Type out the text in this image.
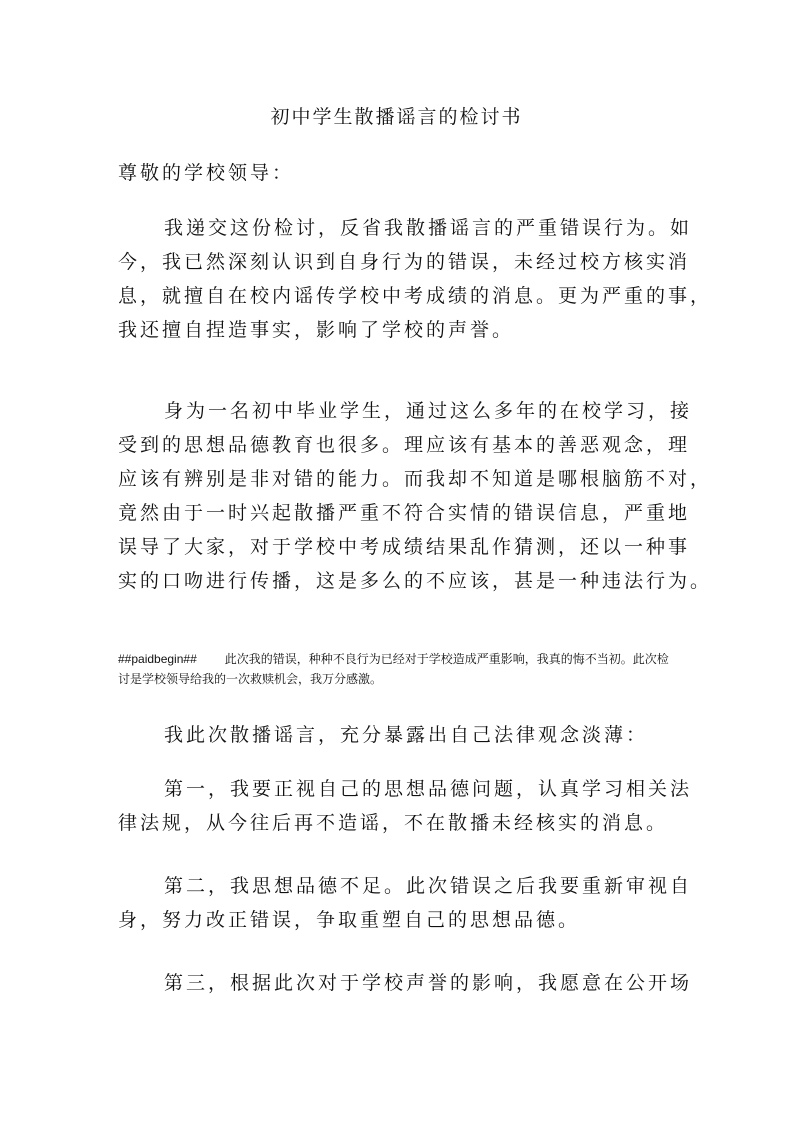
初中学生散播谣言的检讨书
尊敬的学校领导：
我递交这份检讨，反省我散播谣言的严重错误行为。如
今，我已然深刻认识到自身行为的错误，未经过校方核实消
息，就擅自在校内谣传学校中考成绩的消息。更为严重的事，
我还擅自捏造事实，影响了学校的声誉。
身为一名初中毕业学生，通过这么多年的在校学习，接
受到的思想品德教育也很多。理应该有基本的善恶观念，理
应该有辨别是非对错的能力。而我却不知道是哪根脑筋不对，
竟然由于一时兴起散播严重不符合实情的错误信息，严重地
误导了大家，对于学校中考成绩结果乱作猜测，还以一种事
实的口吻进行传播，这是多么的不应该，甚是一种违法行为。
##paidbegin## 此次我的错误，种种不良行为已经对于学校造成严重影响，我真的悔不当初。此次检讨是学校领导给我的一次救赎机会，我万分感激。
我此次散播谣言，充分暴露出自己法律观念淡薄：
第一，我要正视自己的思想品德问题，认真学习相关法
律法规，从今往后再不造谣，不在散播未经核实的消息。
第二，我思想品德不足。此次错误之后我要重新审视自
身，努力改正错误，争取重塑自己的思想品德。
第三，根据此次对于学校声誉的影响，我愿意在公开场
